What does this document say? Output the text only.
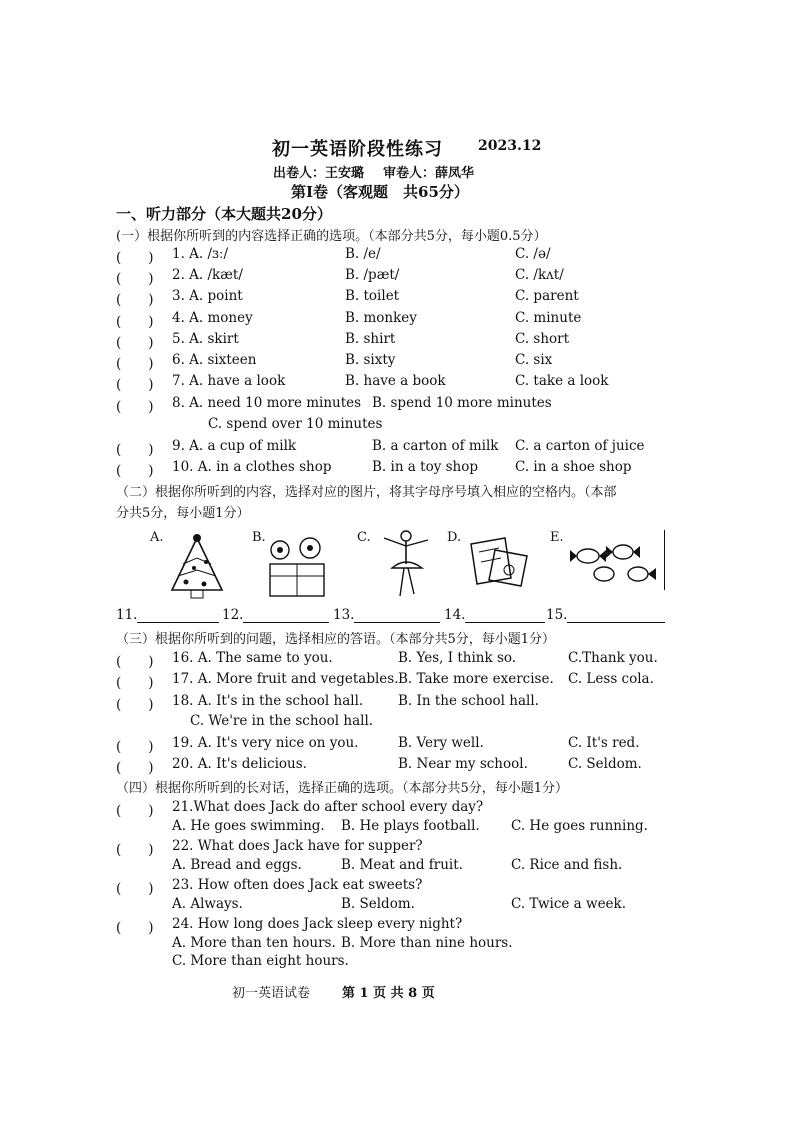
初一英语阶段性练习	2023.12
出卷人：王安璐 审卷人：薛凤华
第Ⅰ卷（客观题　共65分）
一、听力部分（本大题共20分）
(一）根据你所听到的内容选择正确的选项。（本部分共5分，每小题0.5分）
(　　) 1. A. /ɜː/	B. /e/	C. /ə/
(　　) 2. A. /kæt/	B. /pæt/	C. /kʌt/
(　　) 3. A. point	B. toilet	C. parent
(　　) 4. A. money	B. monkey	C. minute
(　　) 5. A. skirt	B. shirt	C. short
(　　) 6. A. sixteen	B. sixty	C. six
(　　) 7. A. have a look	B. have a book	C. take a look
(　　) 8. A. need 10 more minutes B. spend 10 more minutes
C. spend over 10 minutes
(　　) 9. A. a cup of milk	B. a carton of milk C. a carton of juice
(　　) 10. A. in a clothes shop	B. in a toy shop	C. in a shoe shop
（二）根据你所听到的内容，选择对应的图片，将其字母序号填入相应的空格内。（本部
分共5分，每小题1分）
A.	B.	C.	D.	E.
11.	12.	13.	14.	15.
（三）根据你所听到的问题，选择相应的答语。（本部分共5分，每小题1分）
(　　) 16. A. The same to you.	B. Yes, I think so.	C.Thank you.
(　　) 17. A. More fruit and vegetables. B. Take more exercise. C. Less cola.
(　　) 18. A. It's in the school hall.	B. In the school hall.
C. We're in the school hall.
(　　) 19. A. It's very nice on you.	B. Very well.	C. It's red.
(　　) 20. A. It's delicious.	B. Near my school.	C. Seldom.
（四）根据你所听到的长对话，选择正确的选项。（本部分共5分，每小题1分）
(　　) 21.What does Jack do after school every day?
A. He goes swimming. B. He plays football. C. He goes running.
(　　) 22. What does Jack have for supper?
A. Bread and eggs.	B. Meat and fruit.	C. Rice and fish.
(　　) 23. How often does Jack eat sweets?
A. Always.	B. Seldom.	C. Twice a week.
(　　) 24. How long does Jack sleep every night?
A. More than ten hours. B. More than nine hours.
C. More than eight hours.
初一英语试卷 第 1 页 共 8 页
